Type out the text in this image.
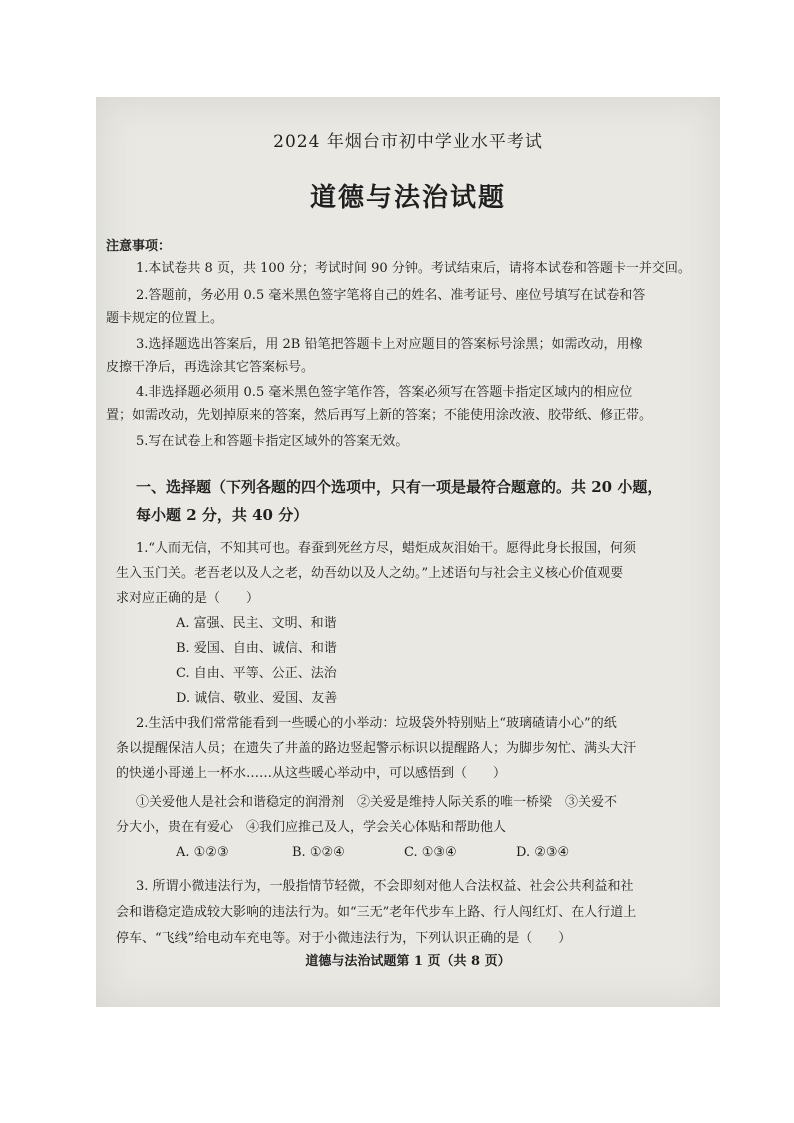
2024 年烟台市初中学业水平考试
道德与法治试题
注意事项：
1.本试卷共 8 页，共 100 分；考试时间 90 分钟。考试结束后，请将本试卷和答题卡一并交回。
2.答题前，务必用 0.5 毫米黑色签字笔将自己的姓名、准考证号、座位号填写在试卷和答
题卡规定的位置上。
3.选择题选出答案后，用 2B 铅笔把答题卡上对应题目的答案标号涂黑；如需改动，用橡
皮擦干净后，再选涂其它答案标号。
4.非选择题必须用 0.5 毫米黑色签字笔作答，答案必须写在答题卡指定区域内的相应位
置；如需改动，先划掉原来的答案，然后再写上新的答案；不能使用涂改液、胶带纸、修正带。
5.写在试卷上和答题卡指定区域外的答案无效。
一、选择题（下列各题的四个选项中，只有一项是最符合题意的。共 20 小题，
每小题 2 分，共 40 分）
1.“人而无信，不知其可也。春蚕到死丝方尽，蜡炬成灰泪始干。愿得此身长报国，何须
生入玉门关。老吾老以及人之老，幼吾幼以及人之幼。”上述语句与社会主义核心价值观要
求对应正确的是（　　）
A. 富强、民主、文明、和谐
B. 爱国、自由、诚信、和谐
C. 自由、平等、公正、法治
D. 诚信、敬业、爱国、友善
2.生活中我们常常能看到一些暖心的小举动：垃圾袋外特别贴上“玻璃碴请小心”的纸
条以提醒保洁人员；在遗失了井盖的路边竖起警示标识以提醒路人；为脚步匆忙、满头大汗
的快递小哥递上一杯水……从这些暖心举动中，可以感悟到（　　）
①关爱他人是社会和谐稳定的润滑剂　②关爱是维持人际关系的唯一桥梁　③关爱不
分大小，贵在有爱心　④我们应推己及人，学会关心体贴和帮助他人
A. ①②③	B. ①②④	C. ①③④	D. ②③④
3. 所谓小微违法行为，一般指情节轻微，不会即刻对他人合法权益、社会公共利益和社
会和谐稳定造成较大影响的违法行为。如“三无”老年代步车上路、行人闯红灯、在人行道上
停车、“飞线”给电动车充电等。对于小微违法行为，下列认识正确的是（　　）
道德与法治试题第 1 页（共 8 页）
